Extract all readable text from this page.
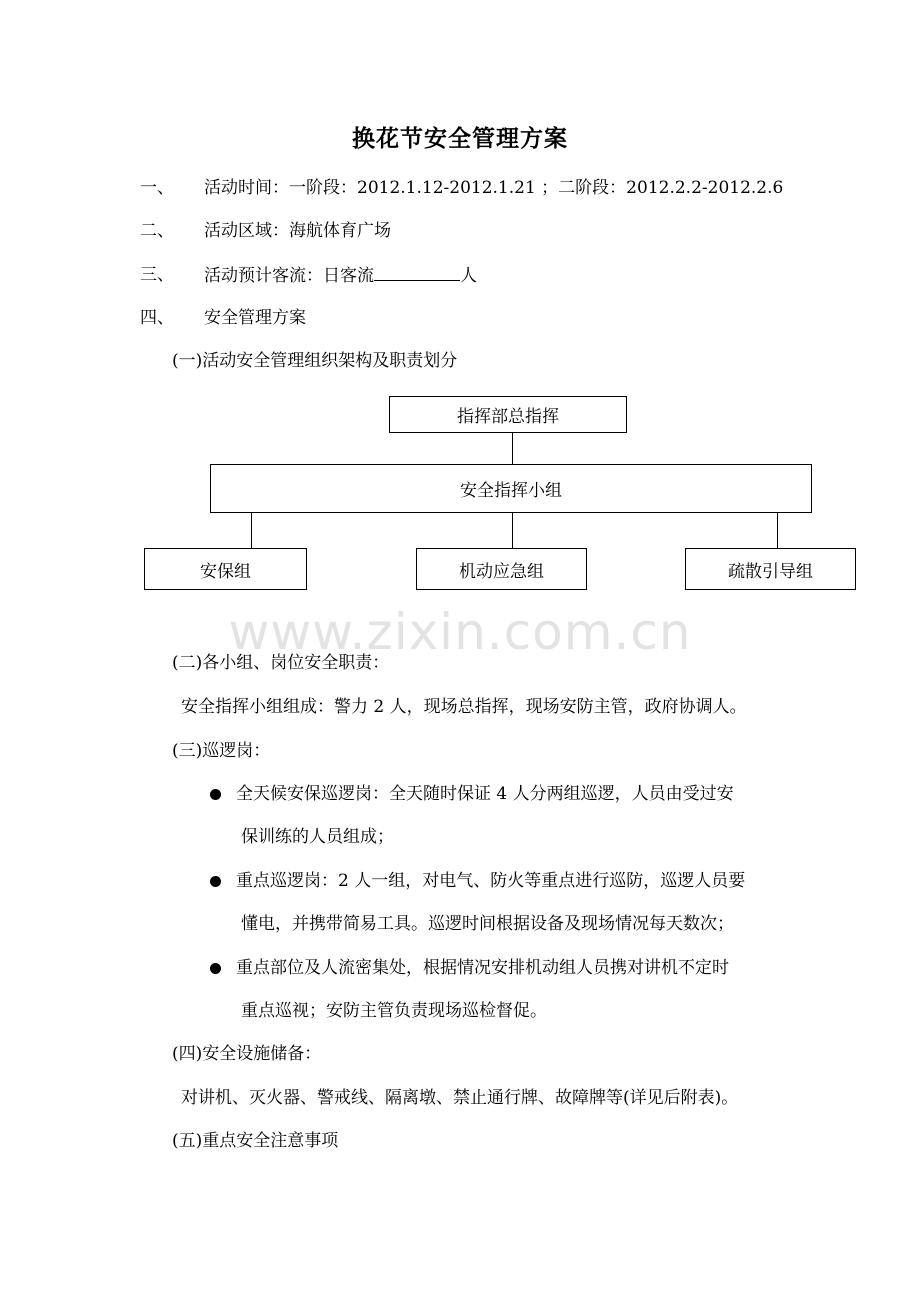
换花节安全管理方案
一、 活动时间：一阶段：2012.1.12-2012.1.21 ；二阶段：2012.2.2-2012.2.6
二、 活动区域：海航体育广场
三、 活动预计客流：日客流	人
四、 安全管理方案
(一)活动安全管理组织架构及职责划分
指挥部总指挥
安全指挥小组
安保组	机动应急组	疏散引导组
www.zixin.com.cn
(二)各小组、岗位安全职责：
安全指挥小组组成：警力 2 人，现场总指挥，现场安防主管，政府协调人。
(三)巡逻岗：
全天候安保巡逻岗：全天随时保证 4 人分两组巡逻，人员由受过安
保训练的人员组成；
重点巡逻岗：2 人一组，对电气、防火等重点进行巡防，巡逻人员要
懂电，并携带简易工具。巡逻时间根据设备及现场情况每天数次；
重点部位及人流密集处，根据情况安排机动组人员携对讲机不定时
重点巡视；安防主管负责现场巡检督促。
(四)安全设施储备：
对讲机、灭火器、警戒线、隔离墩、禁止通行牌、故障牌等(详见后附表)。
(五)重点安全注意事项
